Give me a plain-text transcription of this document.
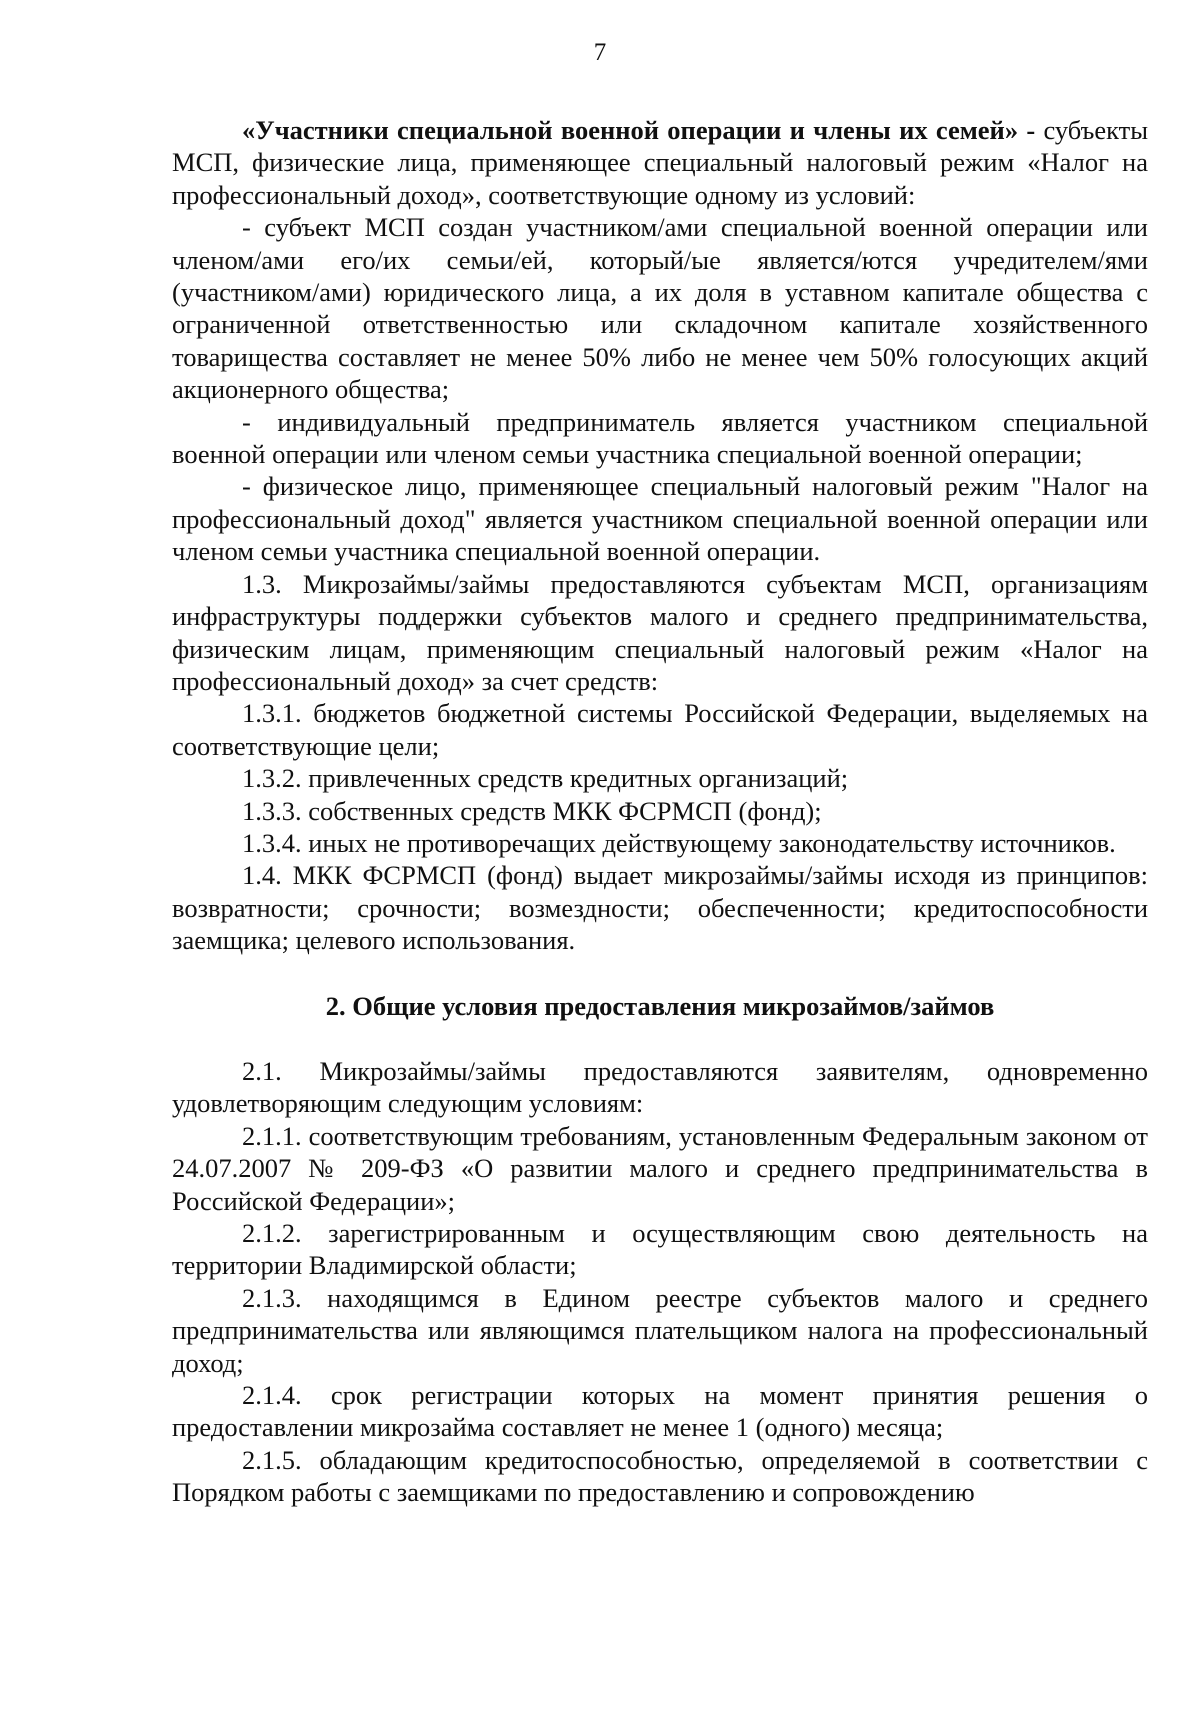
7

«Участники специальной военной операции и члены их семей» - субъекты МСП, физические лица, применяющее специальный налоговый режим «Налог на профессиональный доход», соответствующие одному из условий:

- субъект МСП создан участником/ами специальной военной операции или членом/ами его/их семьи/ей, который/ые является/ются учредителем/ями (участником/ами) юридического лица, а их доля в уставном капитале общества с ограниченной ответственностью или складочном капитале хозяйственного товарищества составляет не менее 50% либо не менее чем 50% голосующих акций акционерного общества;

- индивидуальный предприниматель является участником специальной военной операции или членом семьи участника специальной военной операции;

- физическое лицо, применяющее специальный налоговый режим "Налог на профессиональный доход" является участником специальной военной операции или членом семьи участника специальной военной операции.

1.3. Микрозаймы/займы предоставляются субъектам МСП, организациям инфраструктуры поддержки субъектов малого и среднего предпринимательства, физическим лицам, применяющим специальный налоговый режим «Налог на профессиональный доход» за счет средств:

1.3.1. бюджетов бюджетной системы Российской Федерации, выделяемых на соответствующие цели;

1.3.2. привлеченных средств кредитных организаций;

1.3.3. собственных средств МКК ФСРМСП (фонд);

1.3.4. иных не противоречащих действующему законодательству источников.

1.4. МКК ФСРМСП (фонд) выдает микрозаймы/займы исходя из принципов: возвратности; срочности; возмездности; обеспеченности; кредитоспособности заемщика; целевого использования.

2. Общие условия предоставления микрозаймов/займов

2.1. Микрозаймы/займы предоставляются заявителям, одновременно удовлетворяющим следующим условиям:

2.1.1. соответствующим требованиям, установленным Федеральным законом от 24.07.2007 № 209-ФЗ «О развитии малого и среднего предпринимательства в Российской Федерации»;

2.1.2. зарегистрированным и осуществляющим свою деятельность на территории Владимирской области;

2.1.3. находящимся в Едином реестре субъектов малого и среднего предпринимательства или являющимся плательщиком налога на профессиональный доход;

2.1.4. срок регистрации которых на момент принятия решения о предоставлении микрозайма составляет не менее 1 (одного) месяца;

2.1.5. обладающим кредитоспособностью, определяемой в соответствии с Порядком работы с заемщиками по предоставлению и сопровождению
